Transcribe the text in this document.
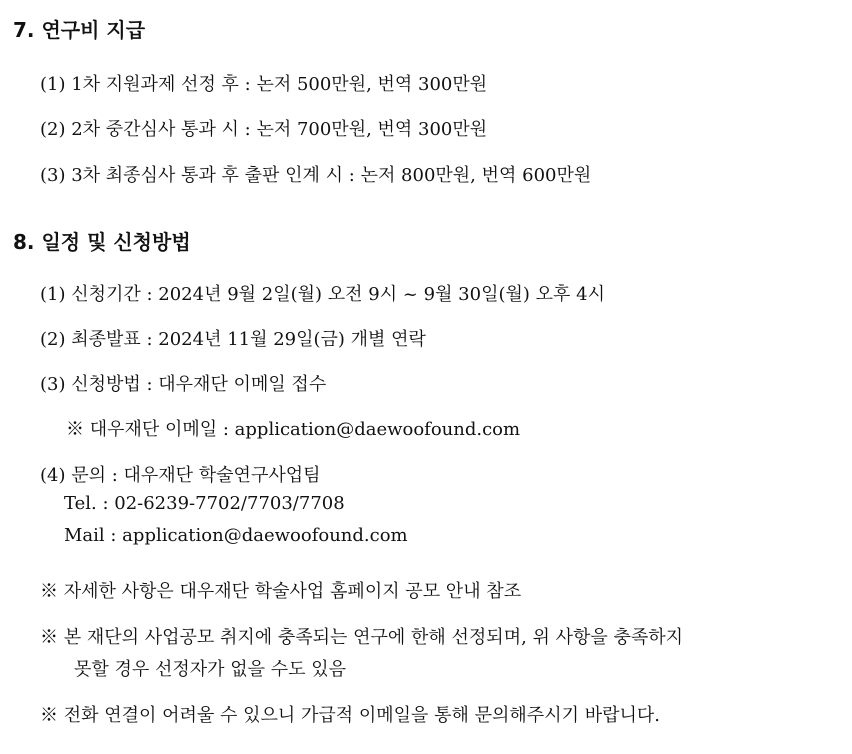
7. 연구비 지급
(1) 1차 지원과제 선정 후 : 논저 500만원, 번역 300만원
(2) 2차 중간심사 통과 시 : 논저 700만원, 번역 300만원
(3) 3차 최종심사 통과 후 출판 인계 시 : 논저 800만원, 번역 600만원
8. 일정 및 신청방법
(1) 신청기간 : 2024년 9월 2일(월) 오전 9시 ~ 9월 30일(월) 오후 4시
(2) 최종발표 : 2024년 11월 29일(금) 개별 연락
(3) 신청방법 : 대우재단 이메일 접수
※ 대우재단 이메일 : application@daewoofound.com
(4) 문의 : 대우재단 학술연구사업팀
Tel. : 02-6239-7702/7703/7708
Mail : application@daewoofound.com
※ 자세한 사항은 대우재단 학술사업 홈페이지 공모 안내 참조
※ 본 재단의 사업공모 취지에 충족되는 연구에 한해 선정되며, 위 사항을 충족하지
못할 경우 선정자가 없을 수도 있음
※ 전화 연결이 어려울 수 있으니 가급적 이메일을 통해 문의해주시기 바랍니다.
